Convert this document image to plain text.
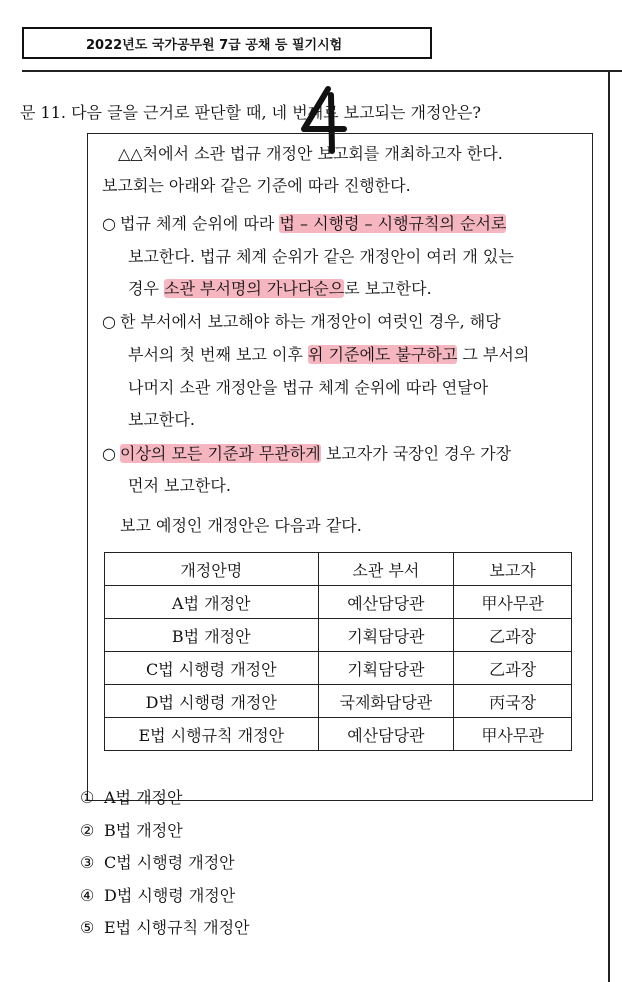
2022년도 국가공무원 7급 공채 등 필기시험
문 11. 다음 글을 근거로 판단할 때, 네 번째로 보고되는 개정안은?
△△처에서 소관 법규 개정안 보고회를 개최하고자 한다.
보고회는 아래와 같은 기준에 따라 진행한다.
○ 법규 체계 순위에 따라 법 – 시행령 – 시행규칙의 순서로
보고한다. 법규 체계 순위가 같은 개정안이 여러 개 있는
경우 소관 부서명의 가나다순으로 보고한다.
○ 한 부서에서 보고해야 하는 개정안이 여럿인 경우, 해당
부서의 첫 번째 보고 이후 위 기준에도 불구하고 그 부서의
나머지 소관 개정안을 법규 체계 순위에 따라 연달아
보고한다.
○ 이상의 모든 기준과 무관하게 보고자가 국장인 경우 가장
먼저 보고한다.
보고 예정인 개정안은 다음과 같다.
개정안명	소관 부서	보고자
A법 개정안	예산담당관	甲사무관
B법 개정안	기획담당관	乙과장
C법 시행령 개정안	기획담당관	乙과장
D법 시행령 개정안	국제화담당관	丙국장
E법 시행규칙 개정안	예산담당관	甲사무관
① A법 개정안
② B법 개정안
③ C법 시행령 개정안
④ D법 시행령 개정안
⑤ E법 시행규칙 개정안
